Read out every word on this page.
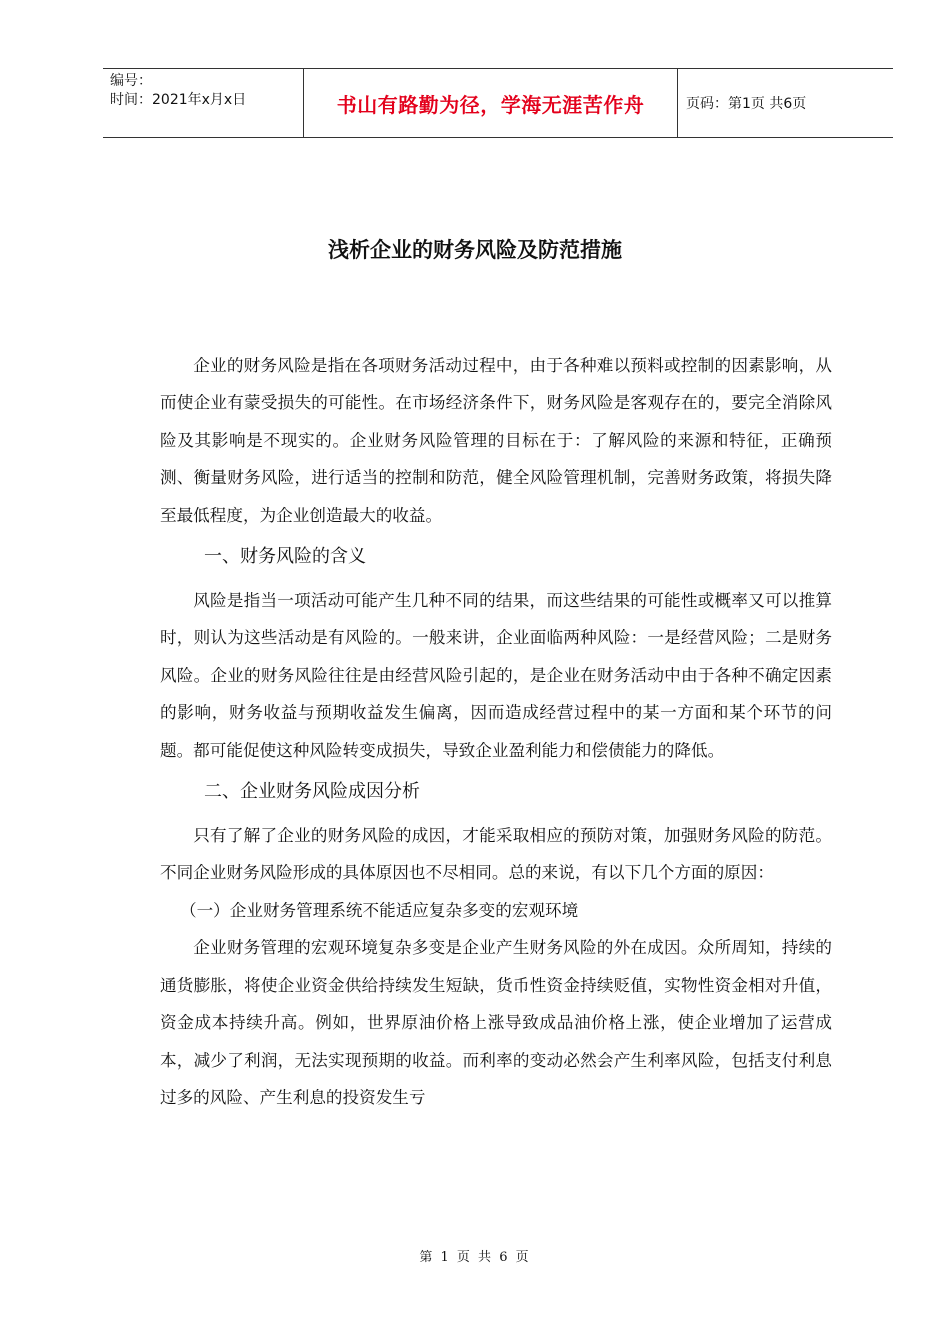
编号：
时间：2021年x月x日	书山有路勤为径，学海无涯苦作舟	页码：第1页 共6页
浅析企业的财务风险及防范措施

企业的财务风险是指在各项财务活动过程中，由于各种难以预料或控制的因素影响，从而使企业有蒙受损失的可能性。在市场经济条件下，财务风险是客观存在的，要完全消除风险及其影响是不现实的。企业财务风险管理的目标在于：了解风险的来源和特征，正确预测、衡量财务风险，进行适当的控制和防范，健全风险管理机制，完善财务政策，将损失降至最低程度，为企业创造最大的收益。

一、财务风险的含义

风险是指当一项活动可能产生几种不同的结果，而这些结果的可能性或概率又可以推算时，则认为这些活动是有风险的。一般来讲，企业面临两种风险：一是经营风险；二是财务风险。企业的财务风险往往是由经营风险引起的，是企业在财务活动中由于各种不确定因素的影响，财务收益与预期收益发生偏离，因而造成经营过程中的某一方面和某个环节的问题。都可能促使这种风险转变成损失，导致企业盈利能力和偿债能力的降低。

二、企业财务风险成因分析

只有了解了企业的财务风险的成因，才能采取相应的预防对策，加强财务风险的防范。不同企业财务风险形成的具体原因也不尽相同。总的来说，有以下几个方面的原因：

（一）企业财务管理系统不能适应复杂多变的宏观环境

企业财务管理的宏观环境复杂多变是企业产生财务风险的外在成因。众所周知，持续的通货膨胀，将使企业资金供给持续发生短缺，货币性资金持续贬值，实物性资金相对升值，资金成本持续升高。例如，世界原油价格上涨导致成品油价格上涨，使企业增加了运营成本，减少了利润，无法实现预期的收益。而利率的变动必然会产生利率风险，包括支付利息过多的风险、产生利息的投资发生亏

第 1 页 共 6 页
